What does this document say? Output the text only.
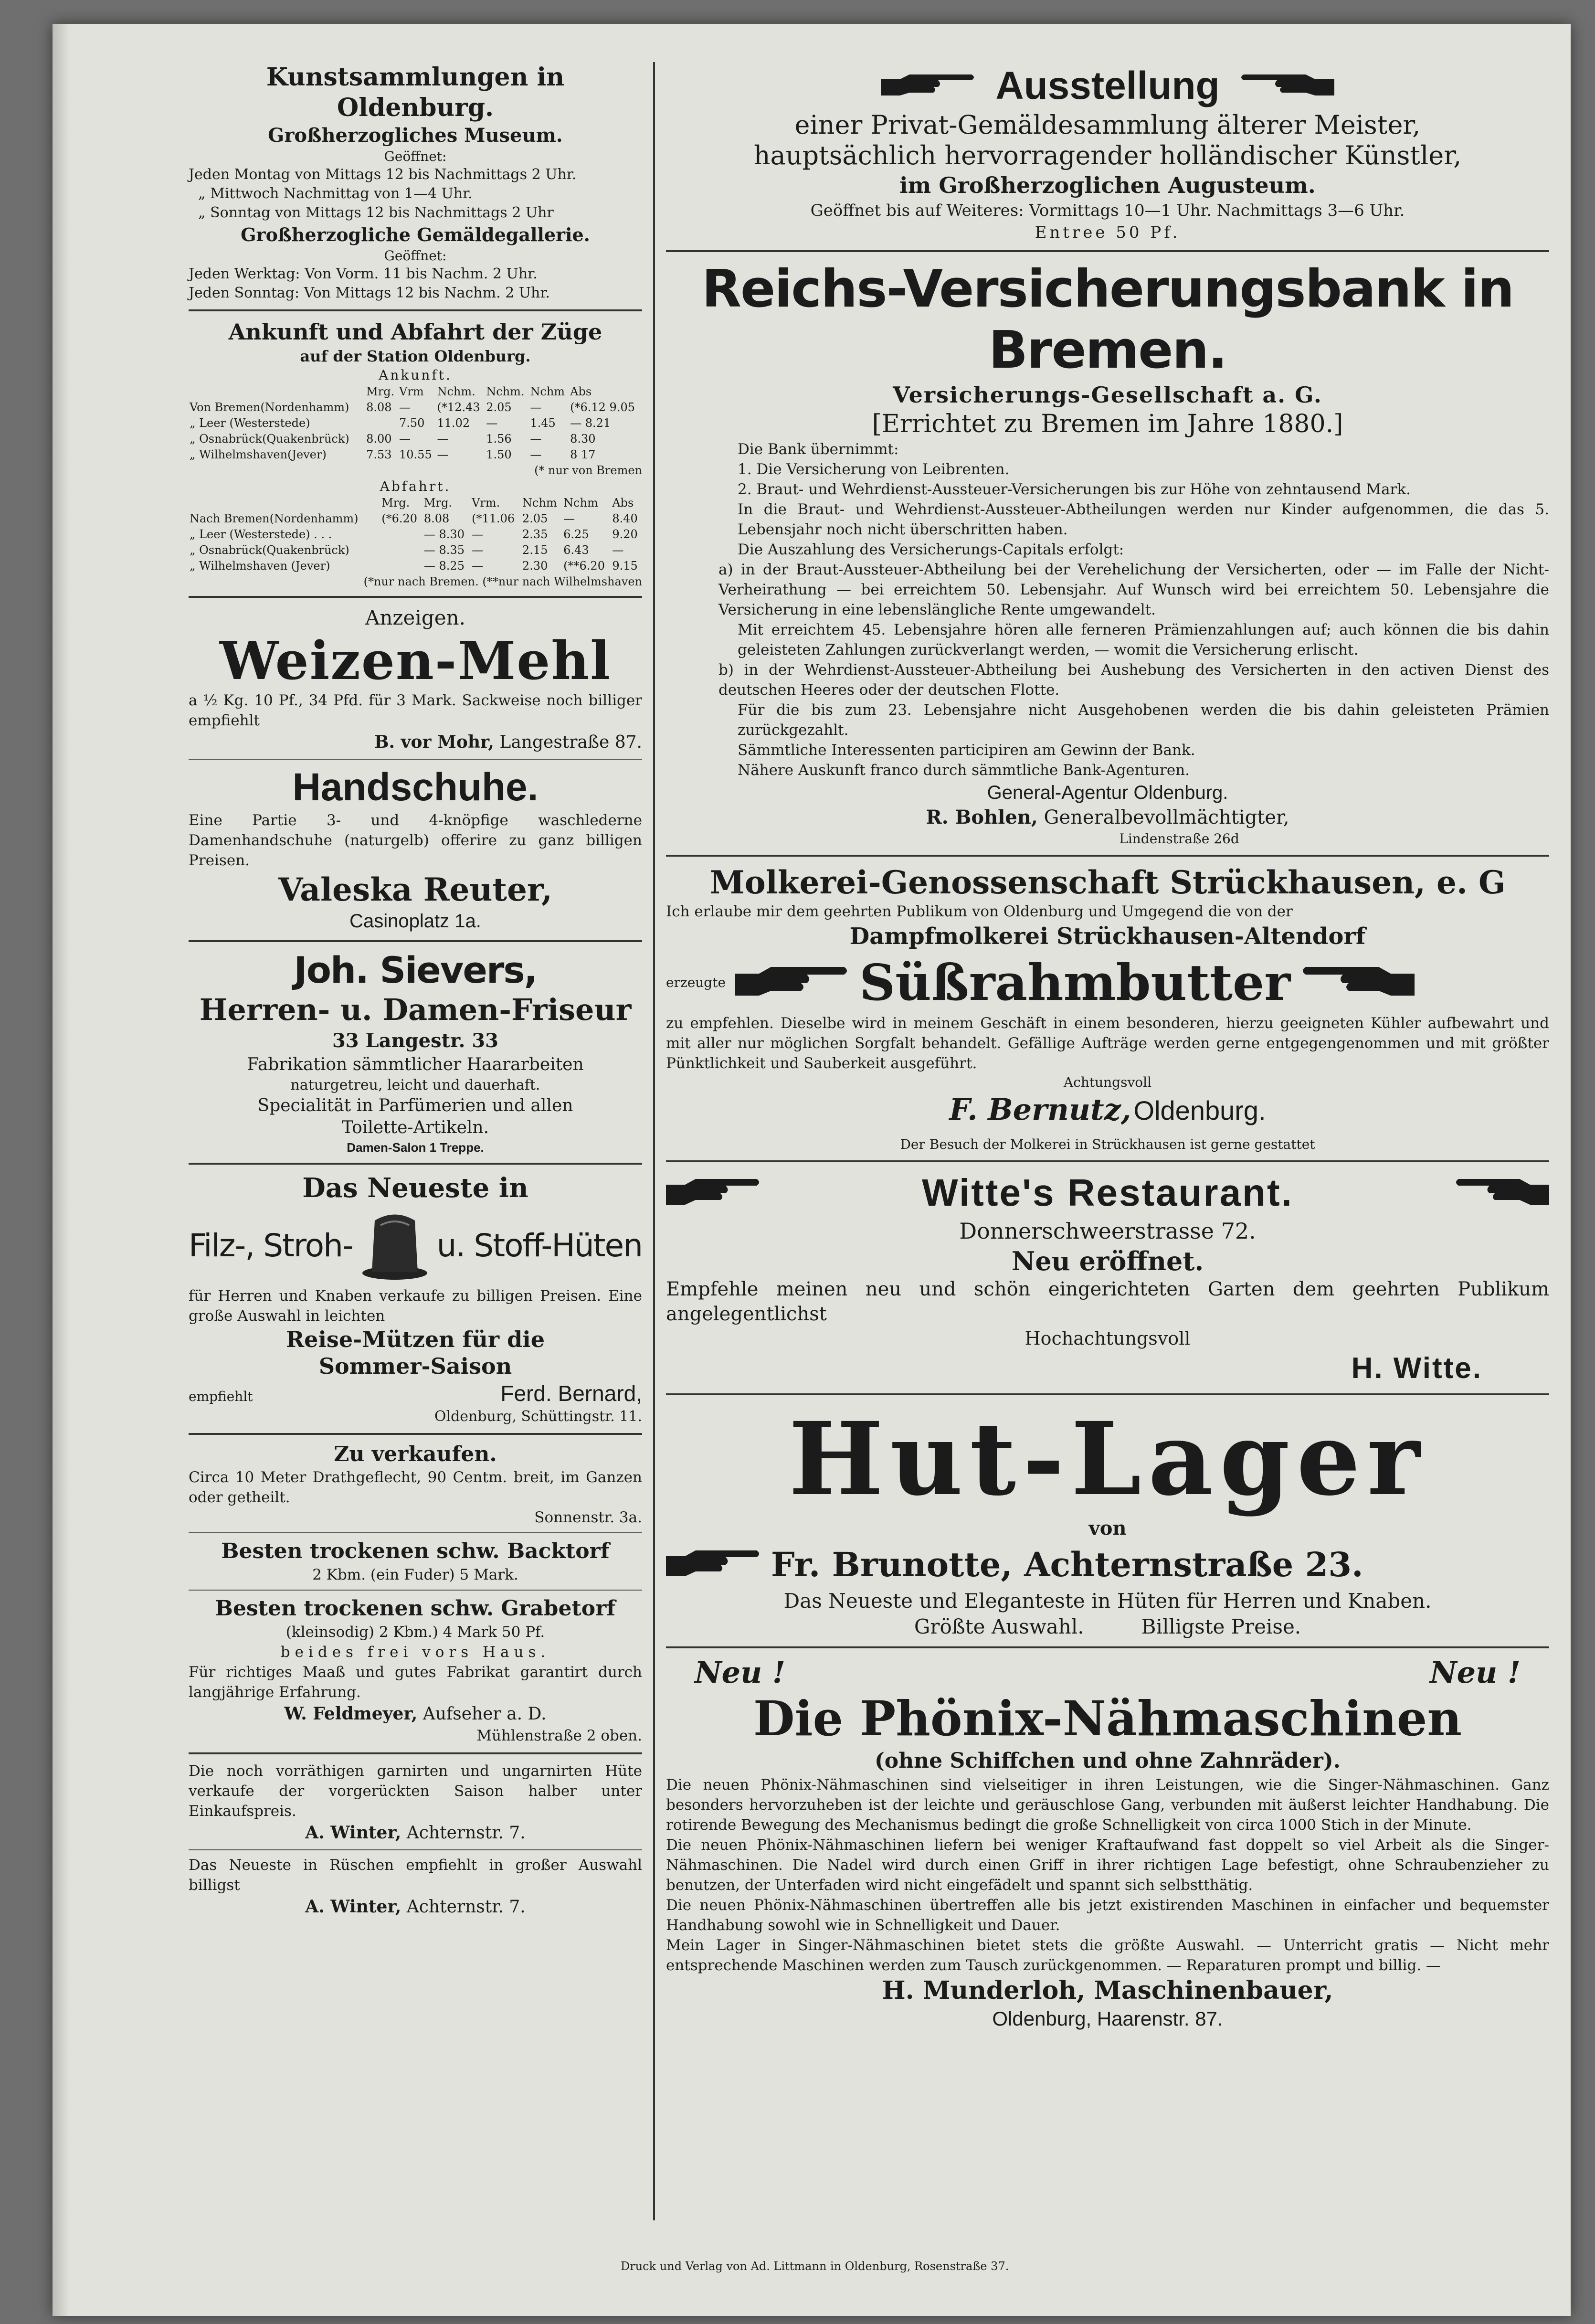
Kunstsammlungen in Oldenburg.
Großherzogliches Museum.
Geöffnet:
Jeden Montag von Mittags 12 bis Nachmittags 2 Uhr.
„ Mittwoch Nachmittag von 1—4 Uhr.
„ Sonntag von Mittags 12 bis Nachmittags 2 Uhr
Großherzogliche Gemäldegallerie.
Geöffnet:
Jeden Werktag: Von Vorm. 11 bis Nachm. 2 Uhr.
Jeden Sonntag: Von Mittags 12 bis Nachm. 2 Uhr.
Ankunft und Abfahrt der Züge
auf der Station Oldenburg.
Ankunft.
	Mrg.	Vrm	Nchm.	Nchm.	Nchm	Abs
Von Bremen(Nordenhamm)	8.08	—	(*12.43	2.05	—	(*6.12 9.05
„ Leer (Westerstede)		7.50	11.02	—	1.45	— 8.21
„ Osnabrück(Quakenbrück)	8.00	—	—	1.56	—	8.30
„ Wilhelmshaven(Jever)	7.53	10.55	—	1.50	—	8 17
(* nur von Bremen
Abfahrt.
	Mrg.	Mrg.	Vrm.	Nchm	Nchm	Abs
Nach Bremen(Nordenhamm)	(*6.20	8.08	(*11.06	2.05	—	8.40
„ Leer (Westerstede) . . .		— 8.30	—	2.35	6.25	9.20
„ Osnabrück(Quakenbrück)		— 8.35	—	2.15	6.43	—
„ Wilhelmshaven (Jever)		— 8.25	—	2.30	(**6.20	9.15
(*nur nach Bremen. (**nur nach Wilhelmshaven
Anzeigen.
Weizen-Mehl
a ½ Kg. 10 Pf., 34 Pfd. für 3 Mark. Sackweise noch billiger empfiehlt
B. vor Mohr, Langestraße 87.
Handschuhe.
Eine Partie 3- und 4-knöpfige waschlederne Damenhandschuhe (naturgelb) offerire zu ganz billigen Preisen.
Valeska Reuter,
Casinoplatz 1a.
Joh. Sievers,
Herren- u. Damen-Friseur
33 Langestr. 33
Fabrikation sämmtlicher Haararbeiten
naturgetreu, leicht und dauerhaft.
Specialität in Parfümerien und allen
Toilette-Artikeln.
Damen-Salon 1 Treppe.
Das Neueste in
Filz-, Stroh-	u. Stoff-Hüten
für Herren und Knaben verkaufe zu billigen Preisen. Eine große Auswahl in leichten
Reise-Mützen für die
Sommer-Saison
empfiehlt	Ferd. Bernard,
Oldenburg, Schüttingstr. 11.
Zu verkaufen.
Circa 10 Meter Drathgeflecht, 90 Centm. breit, im Ganzen oder getheilt.
Sonnenstr. 3a.
Besten trockenen schw. Backtorf
2 Kbm. (ein Fuder) 5 Mark.
Besten trockenen schw. Grabetorf
(kleinsodig) 2 Kbm.) 4 Mark 50 Pf.
beides frei vors Haus.
Für richtiges Maaß und gutes Fabrikat garantirt durch langjährige Erfahrung.
W. Feldmeyer, Aufseher a. D.
Mühlenstraße 2 oben.
Die noch vorräthigen garnirten und ungarnirten Hüte verkaufe der vorgerückten Saison halber unter Einkaufspreis.
A. Winter, Achternstr. 7.
Das Neueste in Rüschen empfiehlt in großer Auswahl billigst
A. Winter, Achternstr. 7.
Ausstellung
einer Privat-Gemäldesammlung älterer Meister,
hauptsächlich hervorragender holländischer Künstler,
im Großherzoglichen Augusteum.
Geöffnet bis auf Weiteres: Vormittags 10—1 Uhr. Nachmittags 3—6 Uhr.
Entree 50 Pf.
Reichs-Versicherungsbank in Bremen.
Versicherungs-Gesellschaft a. G.
[Errichtet zu Bremen im Jahre 1880.]
Die Bank übernimmt:
1. Die Versicherung von Leibrenten.
2. Braut- und Wehrdienst-Aussteuer-Versicherungen bis zur Höhe von zehntausend Mark.
In die Braut- und Wehrdienst-Aussteuer-Abtheilungen werden nur Kinder aufgenommen, die das 5. Lebensjahr noch nicht überschritten haben.
Die Auszahlung des Versicherungs-Capitals erfolgt:
a) in der Braut-Aussteuer-Abtheilung bei der Verehelichung der Versicherten, oder — im Falle der Nicht-Verheirathung — bei erreichtem 50. Lebensjahr. Auf Wunsch wird bei erreichtem 50. Lebensjahre die Versicherung in eine lebenslängliche Rente umgewandelt.
Mit erreichtem 45. Lebensjahre hören alle ferneren Prämienzahlungen auf; auch können die bis dahin geleisteten Zahlungen zurückverlangt werden, — womit die Versicherung erlischt.
b) in der Wehrdienst-Aussteuer-Abtheilung bei Aushebung des Versicherten in den activen Dienst des deutschen Heeres oder der deutschen Flotte.
Für die bis zum 23. Lebensjahre nicht Ausgehobenen werden die bis dahin geleisteten Prämien zurückgezahlt.
Sämmtliche Interessenten participiren am Gewinn der Bank.
Nähere Auskunft franco durch sämmtliche Bank-Agenturen.
General-Agentur Oldenburg.
R. Bohlen, Generalbevollmächtigter,
Lindenstraße 26d
Molkerei-Genossenschaft Strückhausen, e. G
Ich erlaube mir dem geehrten Publikum von Oldenburg und Umgegend die von der
Dampfmolkerei Strückhausen-Altendorf
erzeugte	Süßrahmbutter
zu empfehlen. Dieselbe wird in meinem Geschäft in einem besonderen, hierzu geeigneten Kühler aufbewahrt und mit aller nur möglichen Sorgfalt behandelt. Gefällige Aufträge werden gerne entgegengenommen und mit größter Pünktlichkeit und Sauberkeit ausgeführt.
Achtungsvoll
F. Bernutz, Oldenburg.
Der Besuch der Molkerei in Strückhausen ist gerne gestattet
Witte's Restaurant.
Donnerschweerstrasse 72.
Neu eröffnet.
Empfehle meinen neu und schön eingerichteten Garten dem geehrten Publikum angelegentlichst
Hochachtungsvoll
H. Witte.
Hut-Lager
von
Fr. Brunotte, Achternstraße 23.
Das Neueste und Eleganteste in Hüten für Herren und Knaben.
Größte Auswahl.	Billigste Preise.
Neu !	Neu !
Die Phönix-Nähmaschinen
(ohne Schiffchen und ohne Zahnräder).
Die neuen Phönix-Nähmaschinen sind vielseitiger in ihren Leistungen, wie die Singer-Nähmaschinen. Ganz besonders hervorzuheben ist der leichte und geräuschlose Gang, verbunden mit äußerst leichter Handhabung. Die rotirende Bewegung des Mechanismus bedingt die große Schnelligkeit von circa 1000 Stich in der Minute.
Die neuen Phönix-Nähmaschinen liefern bei weniger Kraftaufwand fast doppelt so viel Arbeit als die Singer-Nähmaschinen. Die Nadel wird durch einen Griff in ihrer richtigen Lage befestigt, ohne Schraubenzieher zu benutzen, der Unterfaden wird nicht eingefädelt und spannt sich selbstthätig.
Die neuen Phönix-Nähmaschinen übertreffen alle bis jetzt existirenden Maschinen in einfacher und bequemster Handhabung sowohl wie in Schnelligkeit und Dauer.
Mein Lager in Singer-Nähmaschinen bietet stets die größte Auswahl. — Unterricht gratis — Nicht mehr entsprechende Maschinen werden zum Tausch zurückgenommen. — Reparaturen prompt und billig. —
H. Munderloh, Maschinenbauer,
Oldenburg, Haarenstr. 87.
Druck und Verlag von Ad. Littmann in Oldenburg, Rosenstraße 37.
